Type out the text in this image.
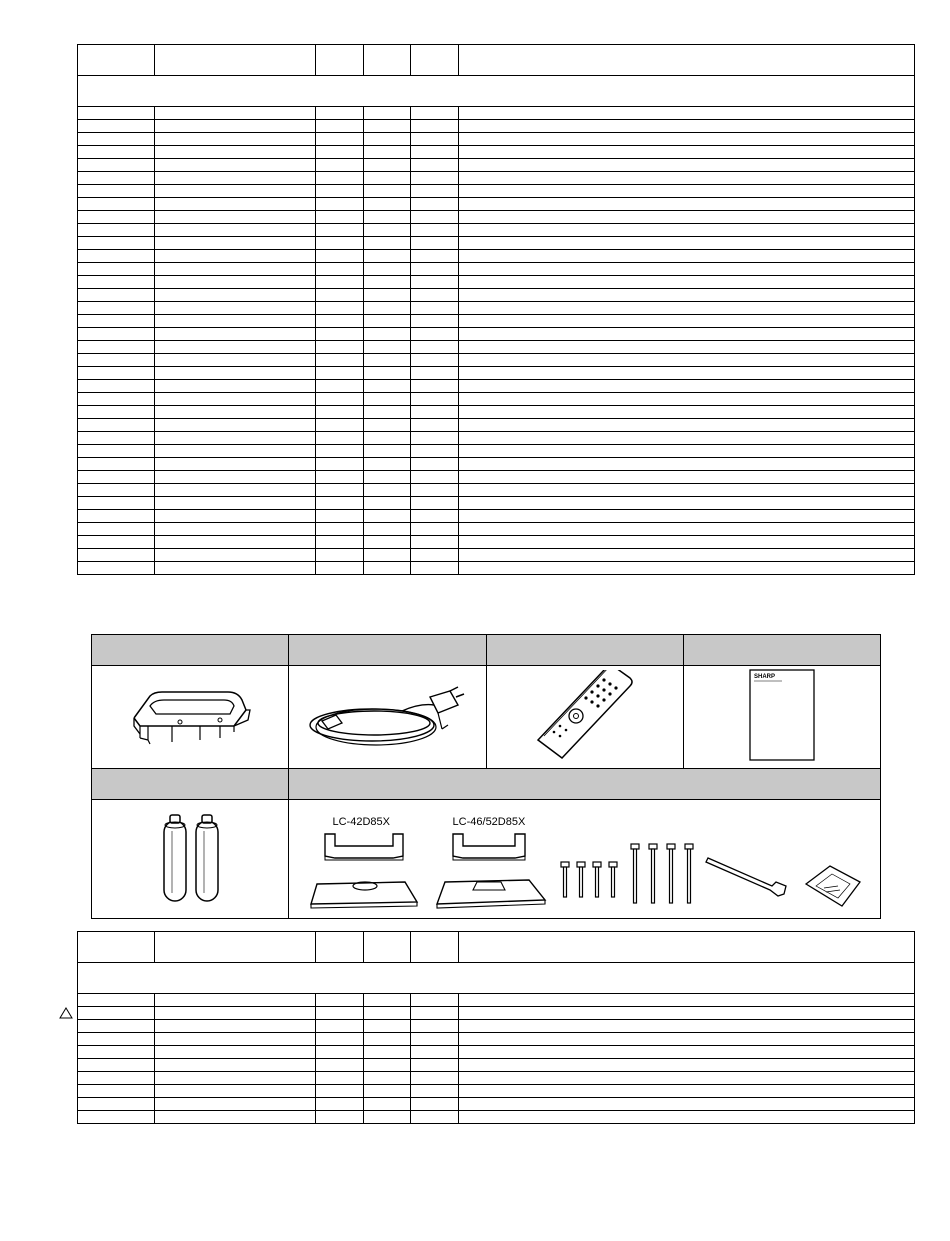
SHARP

LC-42D85X LC-46/52D85X		
